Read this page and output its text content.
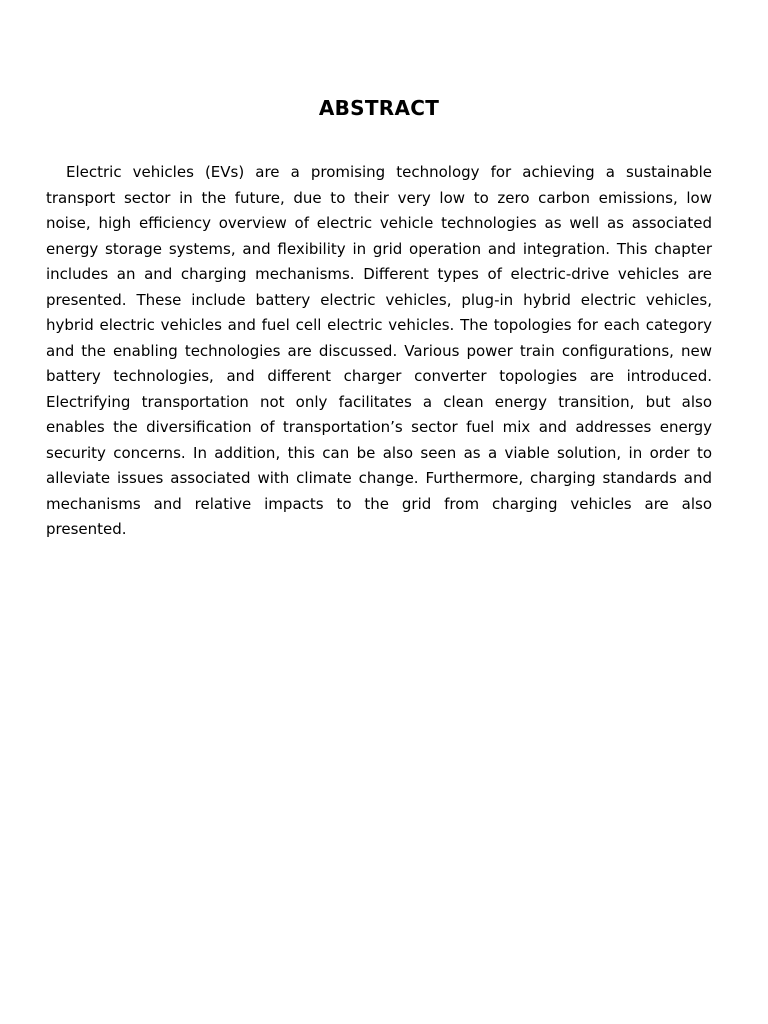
ABSTRACT

Electric vehicles (EVs) are a promising technology for achieving a sustainable transport sector in the future, due to their very low to zero carbon emissions, low noise, high efficiency overview of electric vehicle technologies as well as associated energy storage systems, and flexibility in grid operation and integration. This chapter includes an and charging mechanisms. Different types of electric-drive vehicles are presented. These include battery electric vehicles, plug-in hybrid electric vehicles, hybrid electric vehicles and fuel cell electric vehicles. The topologies for each category and the enabling technologies are discussed. Various power train configurations, new battery technologies, and different charger converter topologies are introduced. Electrifying transportation not only facilitates a clean energy transition, but also enables the diversification of transportation’s sector fuel mix and addresses energy security concerns. In addition, this can be also seen as a viable solution, in order to alleviate issues associated with climate change. Furthermore, charging standards and mechanisms and relative impacts to the grid from charging vehicles are also presented.
